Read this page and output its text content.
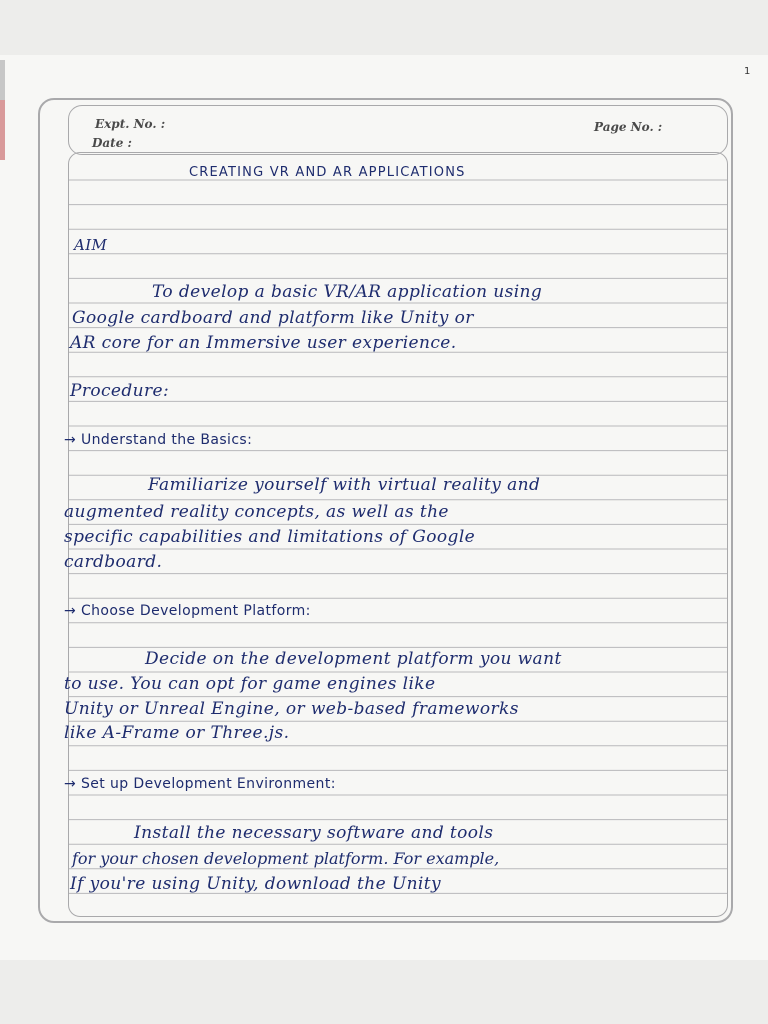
1
Expt. No. :
Date :
Page No. :
CREATING VR AND AR APPLICATIONS
AIM
To develop a basic VR/AR application using
Google cardboard and platform like Unity or
AR core for an Immersive user experience.
Procedure:
→ Understand the Basics:
Familiarize yourself with virtual reality and
augmented reality concepts, as well as the
specific capabilities and limitations of Google
cardboard.
→ Choose Development Platform:
Decide on the development platform you want
to use. You can opt for game engines like
Unity or Unreal Engine, or web-based frameworks
like A-Frame or Three.js.
→ Set up Development Environment:
Install the necessary software and tools
for your chosen development platform. For example,
If you're using Unity, download the Unity
